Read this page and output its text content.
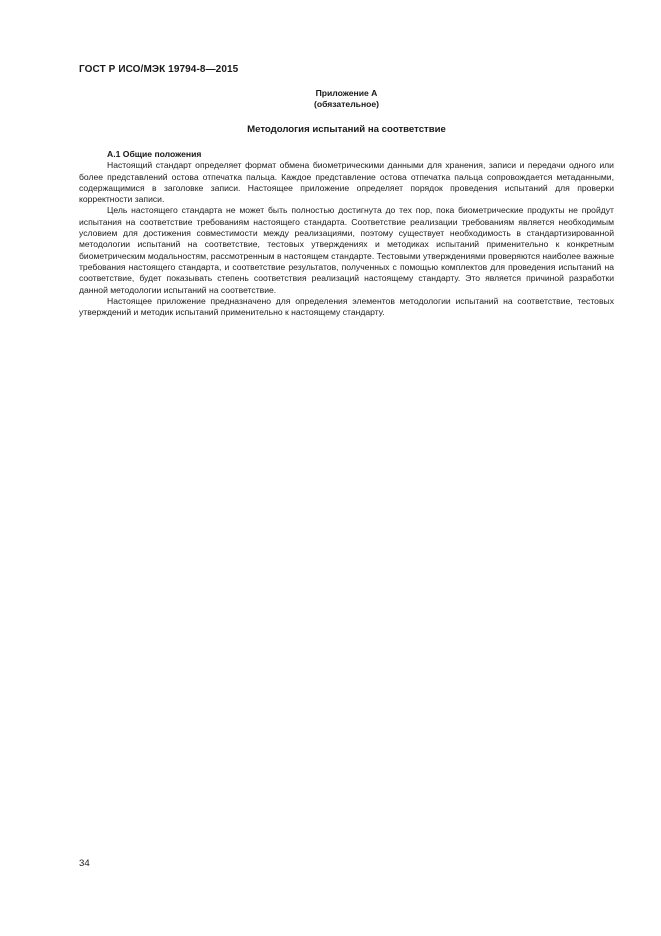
ГОСТ Р ИСО/МЭК 19794-8—2015
Приложение А
(обязательное)
Методология испытаний на соответствие
А.1 Общие положения

Настоящий стандарт определяет формат обмена биометрическими данными для хранения, записи и передачи одного или более представлений остова отпечатка пальца. Каждое представление остова отпечатка пальца сопровождается метаданными, содержащимися в заголовке записи. Настоящее приложение определяет порядок проведения испытаний для проверки корректности записи.

Цель настоящего стандарта не может быть полностью достигнута до тех пор, пока биометрические продукты не пройдут испытания на соответствие требованиям настоящего стандарта. Соответствие реализации требованиям является необходимым условием для достижения совместимости между реализациями, поэтому существует необходимость в стандартизированной методологии испытаний на соответствие, тестовых утверждениях и методиках испытаний применительно к конкретным биометрическим модальностям, рассмотренным в настоящем стандарте. Тестовыми утверждениями проверяются наиболее важные требования настоящего стандарта, и соответствие результатов, полученных с помощью комплектов для проведения испытаний на соответствие, будет показывать степень соответствия реализаций настоящему стандарту. Это является причиной разработки данной методологии испытаний на соответствие.

Настоящее приложение предназначено для определения элементов методологии испытаний на соответствие, тестовых утверждений и методик испытаний применительно к настоящему стандарту.

34
